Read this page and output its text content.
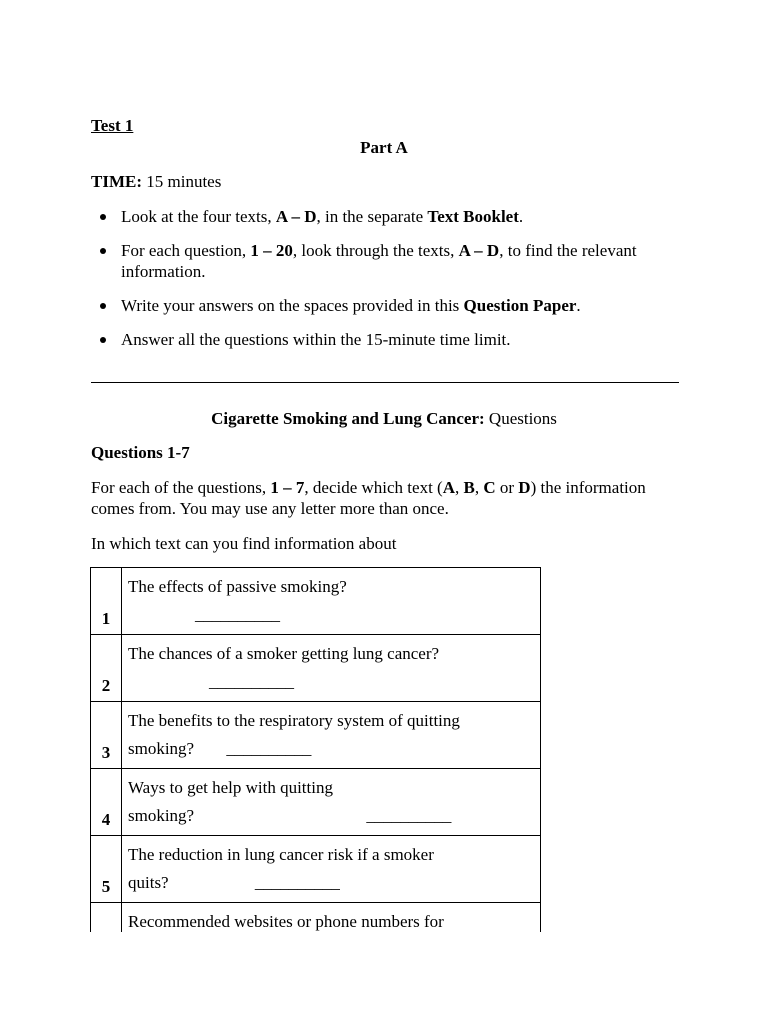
Test 1
Part A
TIME: 15 minutes
Look at the four texts, A – D, in the separate Text Booklet.
For each question, 1 – 20, look through the texts, A – D, to find the relevant information.
Write your answers on the spaces provided in this Question Paper.
Answer all the questions within the 15-minute time limit.
Cigarette Smoking and Lung Cancer: Questions
Questions 1-7
For each of the questions, 1 – 7, decide which text (A, B, C or D) the information comes from. You may use any letter more than once.
In which text can you find information about
1	The effects of passive smoking?
__________
2	The chances of a smoker getting lung cancer?
__________
3	The benefits to the respiratory system of quitting
smoking? __________
4	Ways to get help with quitting
smoking? __________
5	The reduction in lung cancer risk if a smoker
quits? __________

Recommended websites or phone numbers for
